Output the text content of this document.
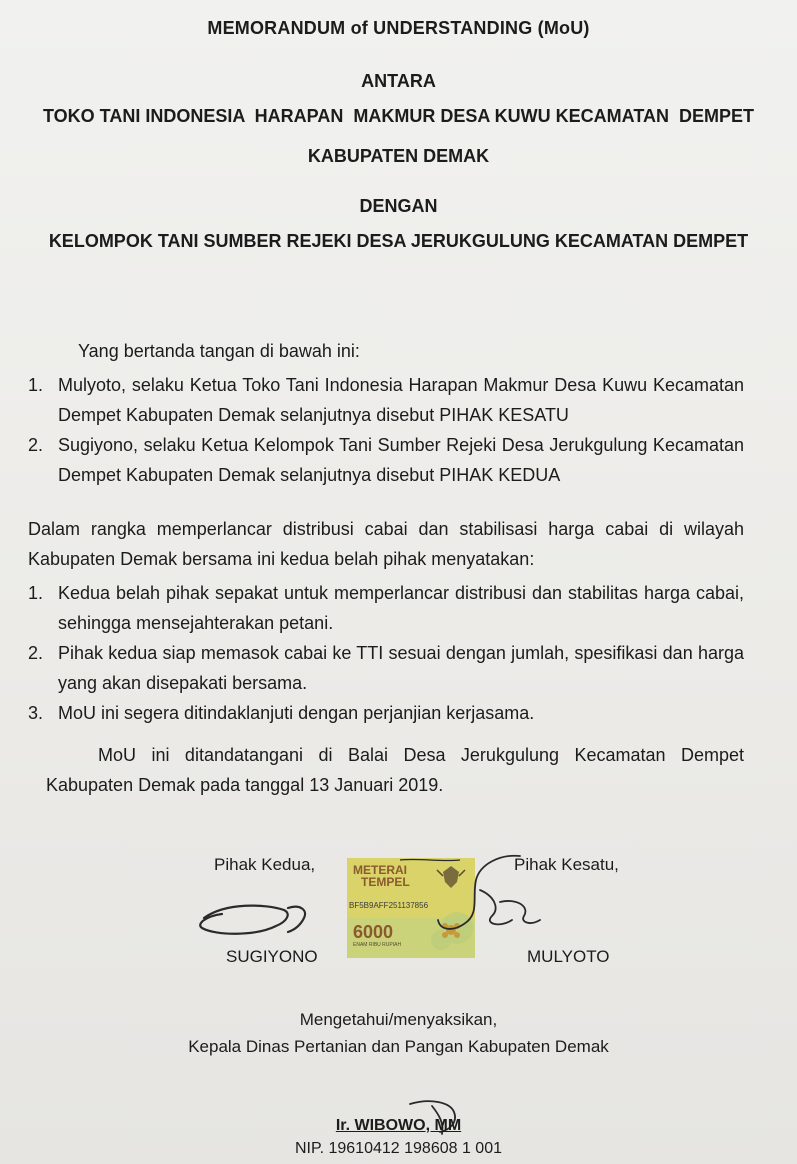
MEMORANDUM of UNDERSTANDING (MoU)
ANTARA
TOKO TANI INDONESIA  HARAPAN  MAKMUR DESA KUWU KECAMATAN  DEMPET
KABUPATEN DEMAK
DENGAN
KELOMPOK TANI SUMBER REJEKI DESA JERUKGULUNG KECAMATAN DEMPET
Yang bertanda tangan di bawah ini:
1. Mulyoto, selaku Ketua Toko Tani Indonesia Harapan Makmur Desa Kuwu Kecamatan Dempet Kabupaten Demak selanjutnya disebut PIHAK KESATU
2. Sugiyono, selaku Ketua Kelompok Tani Sumber Rejeki Desa Jerukgulung Kecamatan Dempet Kabupaten Demak selanjutnya disebut PIHAK KEDUA
Dalam rangka memperlancar distribusi cabai dan stabilisasi harga cabai di wilayah Kabupaten Demak bersama ini kedua belah pihak menyatakan:
1. Kedua belah pihak sepakat untuk memperlancar distribusi dan stabilitas harga cabai, sehingga mensejahterakan petani.
2. Pihak kedua siap memasok cabai ke TTI sesuai dengan jumlah, spesifikasi dan harga yang akan disepakati bersama.
3. MoU ini segera ditindaklanjuti dengan perjanjian kerjasama.
MoU ini ditandatangani di Balai Desa Jerukgulung Kecamatan Dempet Kabupaten Demak pada tanggal 13 Januari 2019.
Pihak Kedua,	Pihak Kesatu,
METERAI
TEMPEL
BF5B9AFF251137856
6000
ENAM RIBU RUPIAH
SUGIYONO	MULYOTO
Mengetahui/menyaksikan,
Kepala Dinas Pertanian dan Pangan Kabupaten Demak
Ir. WIBOWO, MM
NIP. 19610412 198608 1 001
